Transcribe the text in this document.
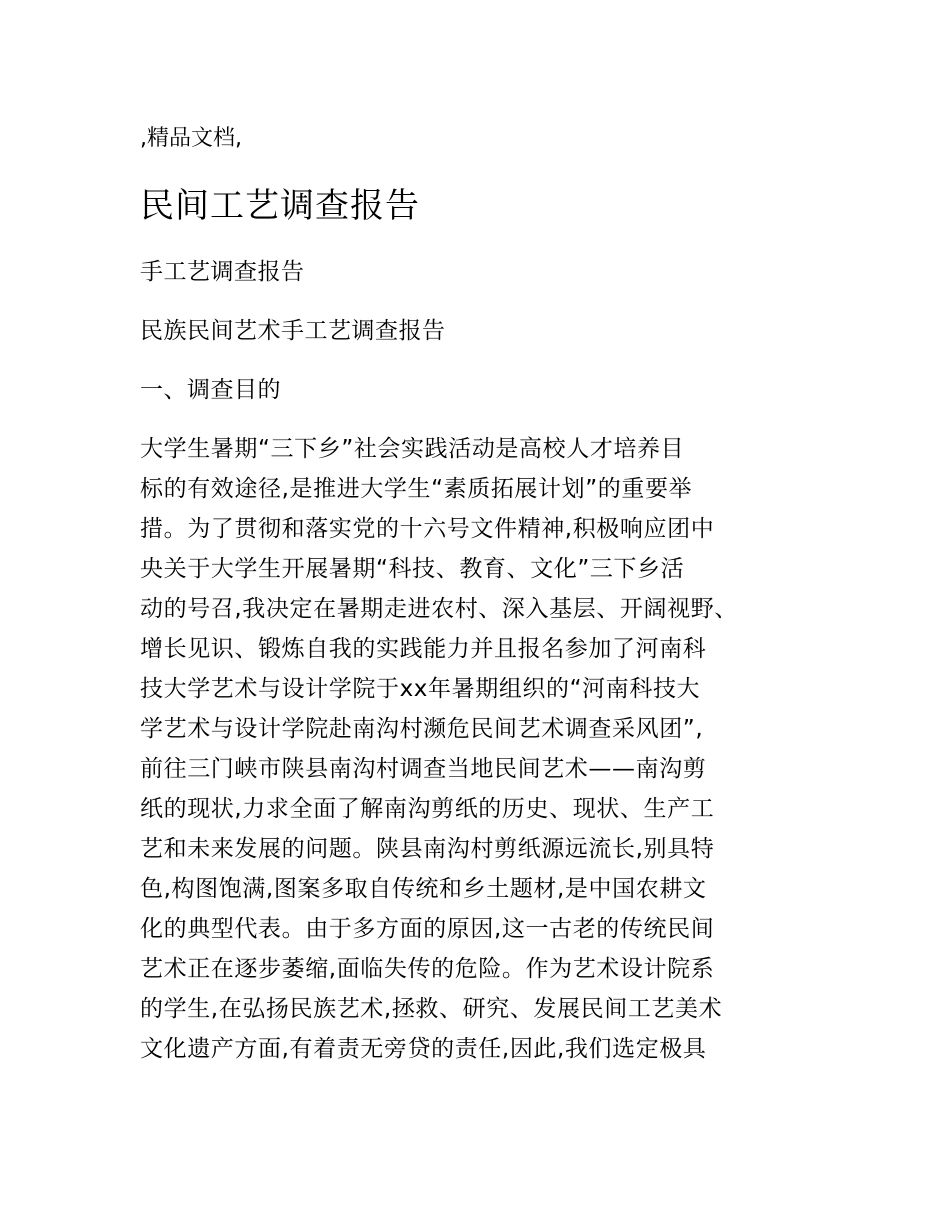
,精品文档,
民间工艺调查报告
手工艺调查报告
民族民间艺术手工艺调查报告
一、调查目的
大学生暑期“三下乡”社会实践活动是高校人才培养目
标的有效途径,是推进大学生“素质拓展计划”的重要举
措。为了贯彻和落实党的十六号文件精神,积极响应团中
央关于大学生开展暑期“科技、教育、文化”三下乡活
动的号召,我决定在暑期走进农村、深入基层、开阔视野、
增长见识、锻炼自我的实践能力并且报名参加了河南科
技大学艺术与设计学院于xx年暑期组织的“河南科技大
学艺术与设计学院赴南沟村濒危民间艺术调查采风团”,
前往三门峡市陕县南沟村调查当地民间艺术——南沟剪
纸的现状,力求全面了解南沟剪纸的历史、现状、生产工
艺和未来发展的问题。陕县南沟村剪纸源远流长,别具特
色,构图饱满,图案多取自传统和乡土题材,是中国农耕文
化的典型代表。由于多方面的原因,这一古老的传统民间
艺术正在逐步萎缩,面临失传的危险。作为艺术设计院系
的学生,在弘扬民族艺术,拯救、研究、发展民间工艺美术
文化遗产方面,有着责无旁贷的责任,因此,我们选定极具
